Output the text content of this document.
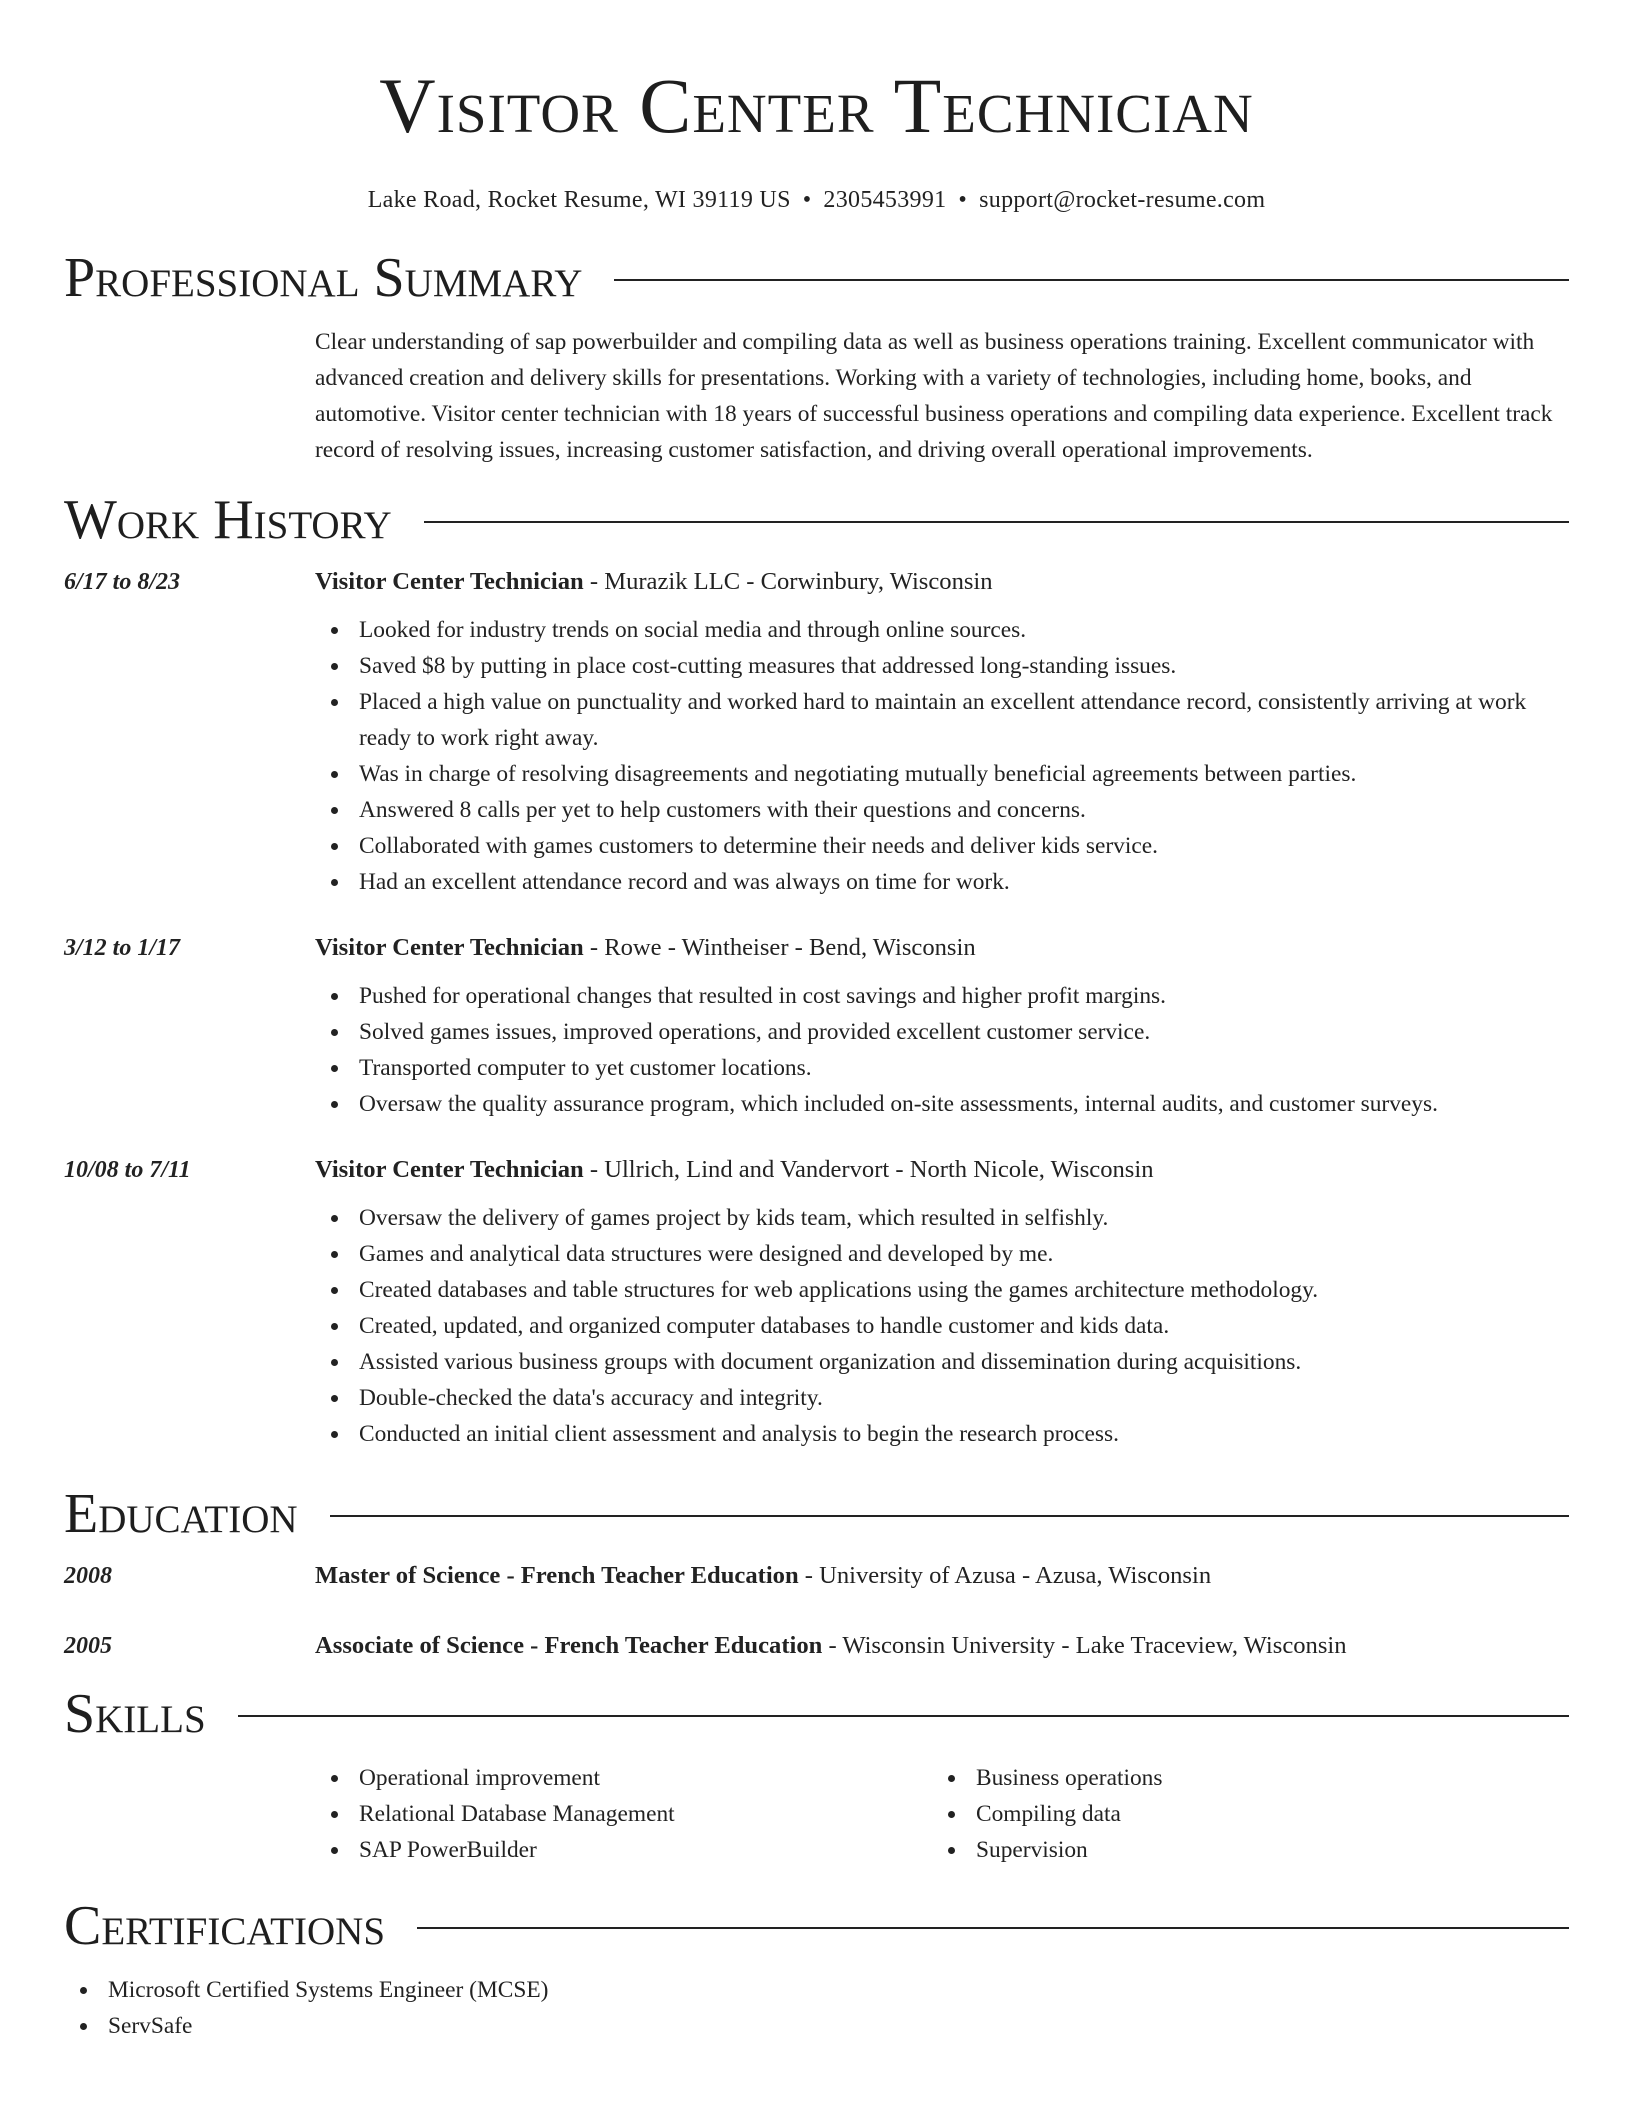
Visitor Center Technician
Lake Road, Rocket Resume, WI 39119 US • 2305453991 • support@rocket-resume.com
Professional Summary

Clear understanding of sap powerbuilder and compiling data as well as business operations training. Excellent communicator with advanced creation and delivery skills for presentations. Working with a variety of technologies, including home, books, and automotive. Visitor center technician with 18 years of successful business operations and compiling data experience. Excellent track record of resolving issues, increasing customer satisfaction, and driving overall operational improvements.

Work History
6/17 to 8/23	Visitor Center Technician - Murazik LLC - Corwinbury, Wisconsin
Looked for industry trends on social media and through online sources.
Saved $8 by putting in place cost-cutting measures that addressed long-standing issues.
Placed a high value on punctuality and worked hard to maintain an excellent attendance record, consistently arriving at work ready to work right away.
Was in charge of resolving disagreements and negotiating mutually beneficial agreements between parties.
Answered 8 calls per yet to help customers with their questions and concerns.
Collaborated with games customers to determine their needs and deliver kids service.
Had an excellent attendance record and was always on time for work.
3/12 to 1/17	Visitor Center Technician - Rowe - Wintheiser - Bend, Wisconsin
Pushed for operational changes that resulted in cost savings and higher profit margins.
Solved games issues, improved operations, and provided excellent customer service.
Transported computer to yet customer locations.
Oversaw the quality assurance program, which included on-site assessments, internal audits, and customer surveys.
10/08 to 7/11	Visitor Center Technician - Ullrich, Lind and Vandervort - North Nicole, Wisconsin
Oversaw the delivery of games project by kids team, which resulted in selfishly.
Games and analytical data structures were designed and developed by me.
Created databases and table structures for web applications using the games architecture methodology.
Created, updated, and organized computer databases to handle customer and kids data.
Assisted various business groups with document organization and dissemination during acquisitions.
Double-checked the data's accuracy and integrity.
Conducted an initial client assessment and analysis to begin the research process.
Education
2008	Master of Science - French Teacher Education - University of Azusa - Azusa, Wisconsin
2005	Associate of Science - French Teacher Education - Wisconsin University - Lake Traceview, Wisconsin
Skills
Operational improvement
Relational Database Management
SAP PowerBuilder
Business operations
Compiling data
Supervision
Certifications
Microsoft Certified Systems Engineer (MCSE)
ServSafe
